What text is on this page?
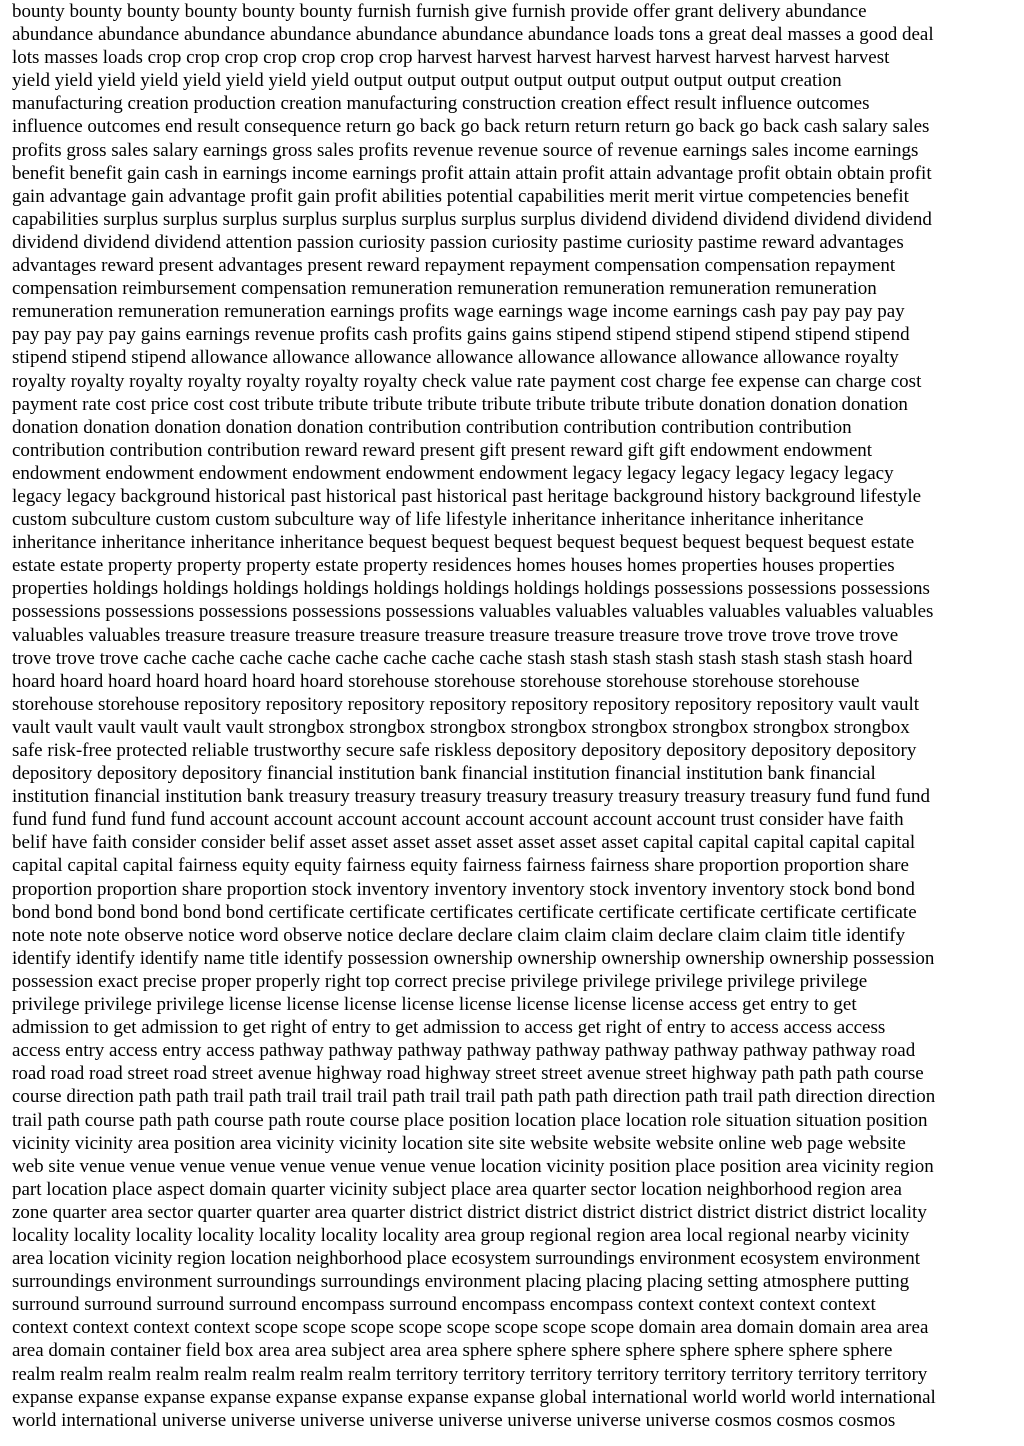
bounty bounty bounty bounty bounty bounty furnish furnish give furnish provide offer grant delivery abundance
abundance abundance abundance abundance abundance abundance abundance loads tons a great deal masses a good deal
lots masses loads crop crop crop crop crop crop crop harvest harvest harvest harvest harvest harvest harvest harvest
yield yield yield yield yield yield yield yield output output output output output output output output creation
manufacturing creation production creation manufacturing construction creation effect result influence outcomes
influence outcomes end result consequence return go back go back return return return go back go back cash salary sales
profits gross sales salary earnings gross sales profits revenue revenue source of revenue earnings sales income earnings
benefit benefit gain cash in earnings income earnings profit attain attain profit attain advantage profit obtain obtain profit
gain advantage gain advantage profit gain profit abilities potential capabilities merit merit virtue competencies benefit
capabilities surplus surplus surplus surplus surplus surplus surplus surplus dividend dividend dividend dividend dividend
dividend dividend dividend attention passion curiosity passion curiosity pastime curiosity pastime reward advantages
advantages reward present advantages present reward repayment repayment compensation compensation repayment
compensation reimbursement compensation remuneration remuneration remuneration remuneration remuneration
remuneration remuneration remuneration earnings profits wage earnings wage income earnings cash pay pay pay pay
pay pay pay pay gains earnings revenue profits cash profits gains gains stipend stipend stipend stipend stipend stipend
stipend stipend stipend allowance allowance allowance allowance allowance allowance allowance allowance royalty
royalty royalty royalty royalty royalty royalty royalty check value rate payment cost charge fee expense can charge cost
payment rate cost price cost cost tribute tribute tribute tribute tribute tribute tribute tribute donation donation donation
donation donation donation donation donation contribution contribution contribution contribution contribution
contribution contribution contribution reward reward present gift present reward gift gift endowment endowment
endowment endowment endowment endowment endowment endowment legacy legacy legacy legacy legacy legacy
legacy legacy background historical past historical past historical past heritage background history background lifestyle
custom subculture custom custom subculture way of life lifestyle inheritance inheritance inheritance inheritance
inheritance inheritance inheritance inheritance bequest bequest bequest bequest bequest bequest bequest bequest estate
estate estate property property property estate property residences homes houses homes properties houses properties
properties holdings holdings holdings holdings holdings holdings holdings holdings possessions possessions possessions
possessions possessions possessions possessions possessions valuables valuables valuables valuables valuables valuables
valuables valuables treasure treasure treasure treasure treasure treasure treasure treasure trove trove trove trove trove
trove trove trove cache cache cache cache cache cache cache cache stash stash stash stash stash stash stash stash hoard
hoard hoard hoard hoard hoard hoard hoard storehouse storehouse storehouse storehouse storehouse storehouse
storehouse storehouse repository repository repository repository repository repository repository repository vault vault
vault vault vault vault vault vault strongbox strongbox strongbox strongbox strongbox strongbox strongbox strongbox
safe risk-free protected reliable trustworthy secure safe riskless depository depository depository depository depository
depository depository depository financial institution bank financial institution financial institution bank financial
institution financial institution bank treasury treasury treasury treasury treasury treasury treasury treasury fund fund fund
fund fund fund fund fund account account account account account account account account trust consider have faith
belif have faith consider consider belif asset asset asset asset asset asset asset asset capital capital capital capital capital
capital capital capital fairness equity equity fairness equity fairness fairness fairness share proportion proportion share
proportion proportion share proportion stock inventory inventory inventory stock inventory inventory stock bond bond
bond bond bond bond bond bond certificate certificate certificates certificate certificate certificate certificate certificate
note note note observe notice word observe notice declare declare claim claim claim declare claim claim title identify
identify identify identify name title identify possession ownership ownership ownership ownership ownership possession
possession exact precise proper properly right top correct precise privilege privilege privilege privilege privilege
privilege privilege privilege license license license license license license license license access get entry to get
admission to get admission to get right of entry to get admission to access get right of entry to access access access
access entry access entry access pathway pathway pathway pathway pathway pathway pathway pathway pathway road
road road road street road street avenue highway road highway street street avenue street highway path path path course
course direction path path trail path trail trail trail path trail trail path path path direction path trail path direction direction
trail path course path path course path route course place position location place location role situation situation position
vicinity vicinity area position area vicinity vicinity location site site website website website online web page website
web site venue venue venue venue venue venue venue venue location vicinity position place position area vicinity region
part location place aspect domain quarter vicinity subject place area quarter sector location neighborhood region area
zone quarter area sector quarter quarter area quarter district district district district district district district district locality
locality locality locality locality locality locality locality area group regional region area local regional nearby vicinity
area location vicinity region location neighborhood place ecosystem surroundings environment ecosystem environment
surroundings environment surroundings surroundings environment placing placing placing setting atmosphere putting
surround surround surround surround encompass surround encompass encompass context context context context
context context context context scope scope scope scope scope scope scope scope domain area domain domain area area
area domain container field box area area subject area area sphere sphere sphere sphere sphere sphere sphere sphere
realm realm realm realm realm realm realm realm territory territory territory territory territory territory territory territory
expanse expanse expanse expanse expanse expanse expanse expanse global international world world world international
world international universe universe universe universe universe universe universe universe cosmos cosmos cosmos
